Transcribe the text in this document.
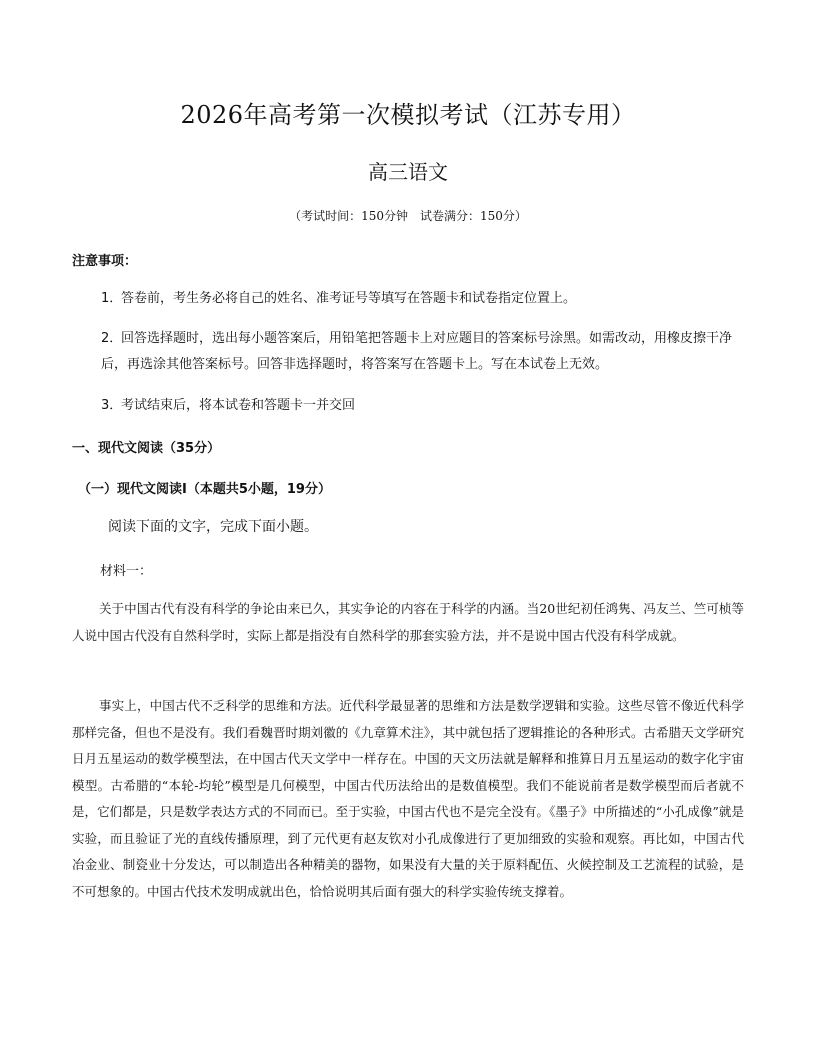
2026年高考第一次模拟考试（江苏专用）
高三语文
（考试时间：150分钟　试卷满分：150分）
注意事项：
1．答卷前，考生务必将自己的姓名、准考证号等填写在答题卡和试卷指定位置上。
2．回答选择题时，选出每小题答案后，用铅笔把答题卡上对应题目的答案标号涂黑。如需改动，用橡皮擦干净后，再选涂其他答案标号。回答非选择题时，将答案写在答题卡上。写在本试卷上无效。
3．考试结束后，将本试卷和答题卡一并交回
一、现代文阅读（35分）
（一）现代文阅读Ⅰ（本题共5小题，19分）
阅读下面的文字，完成下面小题。
材料一：
关于中国古代有没有科学的争论由来已久，其实争论的内容在于科学的内涵。当20世纪初任鸿隽、冯友兰、竺可桢等人说中国古代没有自然科学时，实际上都是指没有自然科学的那套实验方法，并不是说中国古代没有科学成就。
事实上，中国古代不乏科学的思维和方法。近代科学最显著的思维和方法是数学逻辑和实验。这些尽管不像近代科学那样完备，但也不是没有。我们看魏晋时期刘徽的《九章算术注》，其中就包括了逻辑推论的各种形式。古希腊天文学研究日月五星运动的数学模型法，在中国古代天文学中一样存在。中国的天文历法就是解释和推算日月五星运动的数字化宇宙模型。古希腊的“本轮-均轮”模型是几何模型，中国古代历法给出的是数值模型。我们不能说前者是数学模型而后者就不是，它们都是，只是数学表达方式的不同而已。至于实验，中国古代也不是完全没有。《墨子》中所描述的“小孔成像”就是实验，而且验证了光的直线传播原理，到了元代更有赵友钦对小孔成像进行了更加细致的实验和观察。再比如，中国古代冶金业、制瓷业十分发达，可以制造出各种精美的器物，如果没有大量的关于原料配伍、火候控制及工艺流程的试验，是不可想象的。中国古代技术发明成就出色，恰恰说明其后面有强大的科学实验传统支撑着。
